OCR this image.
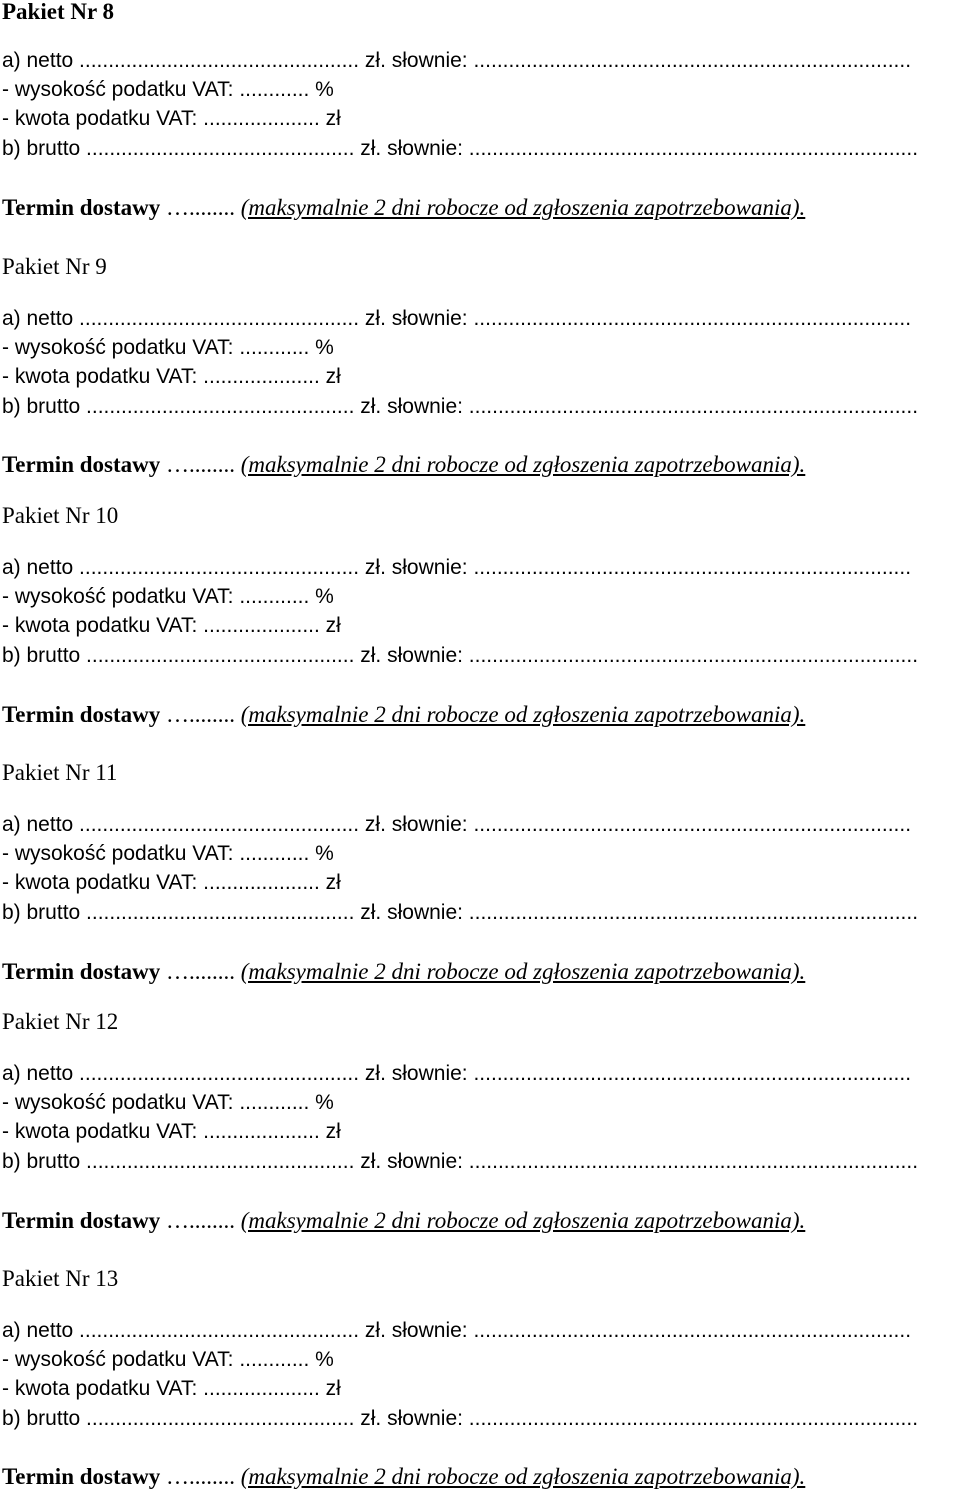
Pakiet Nr 8
a) netto ................................................ zł. słownie: ...........................................................................
- wysokość podatku VAT: ............ %
- kwota podatku VAT: .................... zł
b) brutto .............................................. zł. słownie: .............................................................................
Termin dostawy …........ (maksymalnie 2 dni robocze od zgłoszenia zapotrzebowania).
Pakiet Nr 9
a) netto ................................................ zł. słownie: ...........................................................................
- wysokość podatku VAT: ............ %
- kwota podatku VAT: .................... zł
b) brutto .............................................. zł. słownie: .............................................................................
Termin dostawy …........ (maksymalnie 2 dni robocze od zgłoszenia zapotrzebowania).
Pakiet Nr 10
a) netto ................................................ zł. słownie: ...........................................................................
- wysokość podatku VAT: ............ %
- kwota podatku VAT: .................... zł
b) brutto .............................................. zł. słownie: .............................................................................
Termin dostawy …........ (maksymalnie 2 dni robocze od zgłoszenia zapotrzebowania).
Pakiet Nr 11
a) netto ................................................ zł. słownie: ...........................................................................
- wysokość podatku VAT: ............ %
- kwota podatku VAT: .................... zł
b) brutto .............................................. zł. słownie: .............................................................................
Termin dostawy …........ (maksymalnie 2 dni robocze od zgłoszenia zapotrzebowania).
Pakiet Nr 12
a) netto ................................................ zł. słownie: ...........................................................................
- wysokość podatku VAT: ............ %
- kwota podatku VAT: .................... zł
b) brutto .............................................. zł. słownie: .............................................................................
Termin dostawy …........ (maksymalnie 2 dni robocze od zgłoszenia zapotrzebowania).
Pakiet Nr 13
a) netto ................................................ zł. słownie: ...........................................................................
- wysokość podatku VAT: ............ %
- kwota podatku VAT: .................... zł
b) brutto .............................................. zł. słownie: .............................................................................
Termin dostawy …........ (maksymalnie 2 dni robocze od zgłoszenia zapotrzebowania).
